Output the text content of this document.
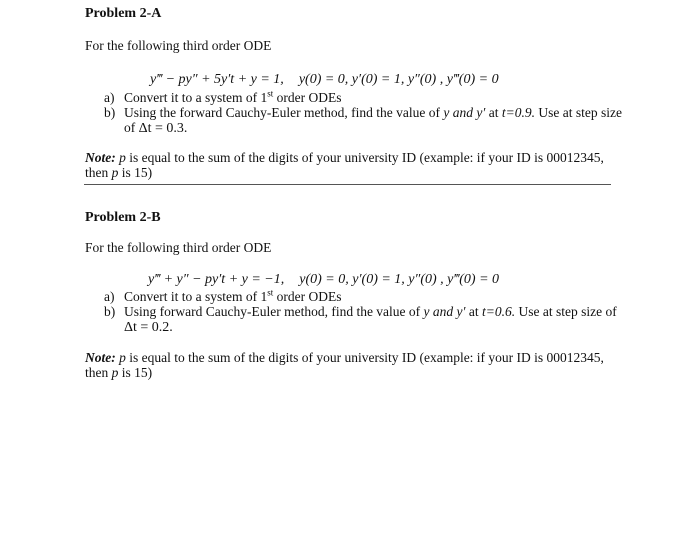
Problem 2-A
For the following third order ODE
y‴ − py″ + 5y′t + y = 1, y(0) = 0, y′(0) = 1, y″(0) , y‴(0) = 0
a) Convert it to a system of 1st order ODEs
b) Using the forward Cauchy-Euler method, find the value of y and y′ at t=0.9. Use at step size of Δt = 0.3.
Note: p is equal to the sum of the digits of your university ID (example: if your ID is 00012345, then p is 15)
Problem 2-B
For the following third order ODE
y‴ + y″ − py′t + y = −1, y(0) = 0, y′(0) = 1, y″(0) , y‴(0) = 0
a) Convert it to a system of 1st order ODEs
b) Using forward Cauchy-Euler method, find the value of y and y′ at t=0.6. Use at step size of Δt = 0.2.
Note: p is equal to the sum of the digits of your university ID (example: if your ID is 00012345, then p is 15)
